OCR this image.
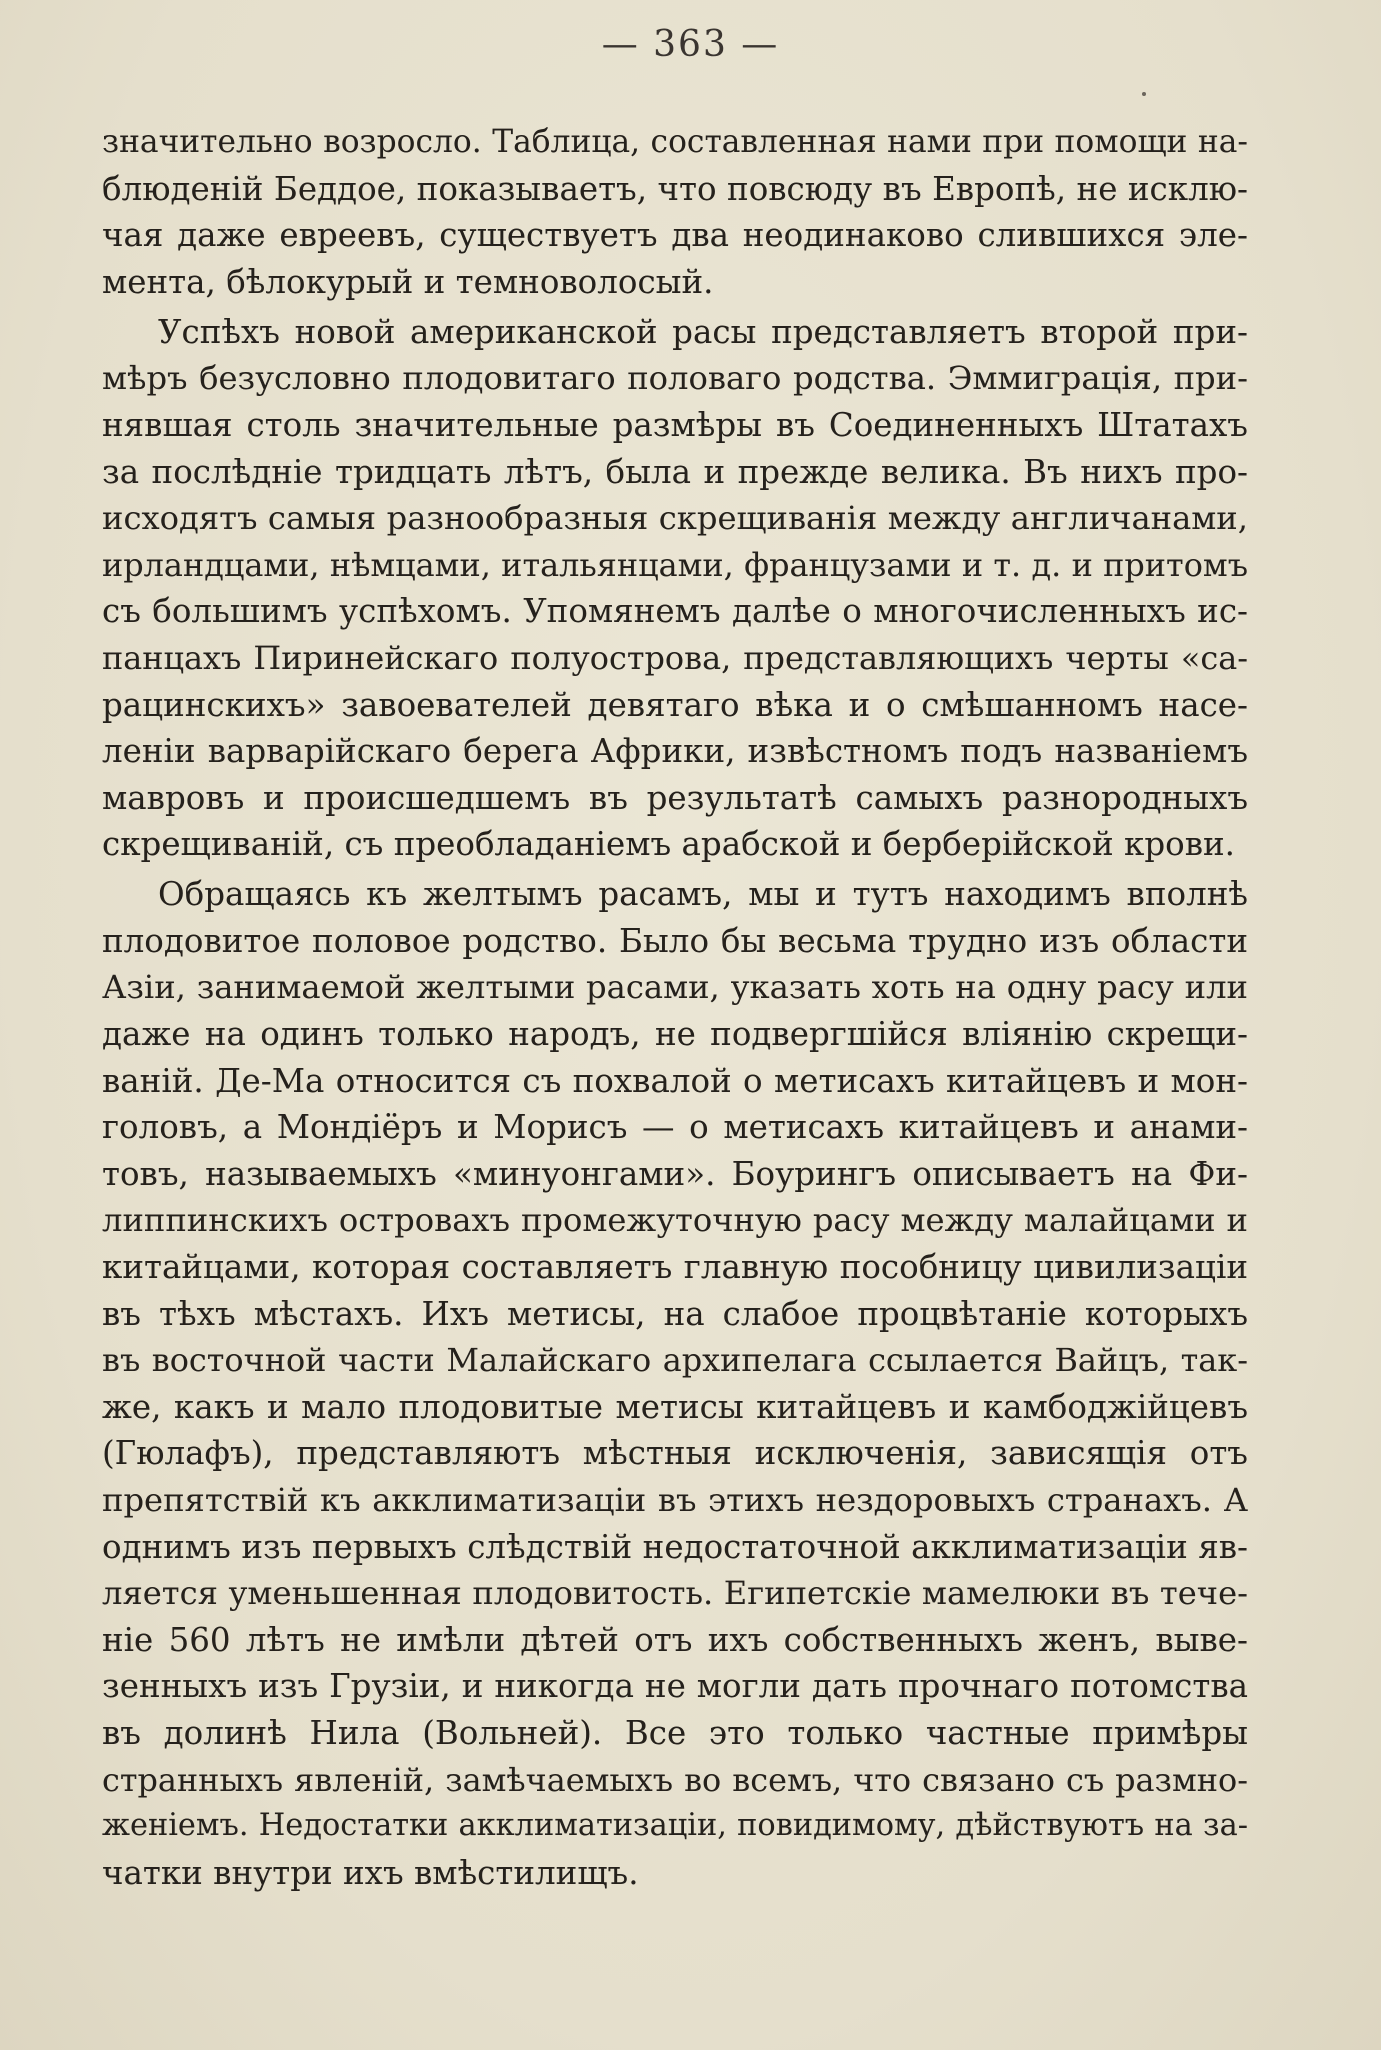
— 363 —
значительно возросло. Таблица, составленная нами при помощи на-
блюденій Беддое, показываетъ, что повсюду въ Европѣ, не исклю-
чая даже евреевъ, существуетъ два неодинаково слившихся эле-
мента, бѣлокурый и темноволосый.
Успѣхъ новой американской расы представляетъ второй при-
мѣръ безусловно плодовитаго половаго родства. Эммиграція, при-
нявшая столь значительные размѣры въ Соединенныхъ Штатахъ
за послѣдніе тридцать лѣтъ, была и прежде велика. Въ нихъ про-
исходятъ самыя разнообразныя скрещиванія между англичанами,
ирландцами, нѣмцами, итальянцами, французами и т. д. и притомъ
съ большимъ успѣхомъ. Упомянемъ далѣе о многочисленныхъ ис-
панцахъ Пиринейскаго полуострова, представляющихъ черты «са-
рацинскихъ» завоевателей девятаго вѣка и о смѣшанномъ насе-
леніи варварійскаго берега Африки, извѣстномъ подъ названіемъ
мавровъ и происшедшемъ въ результатѣ самыхъ разнородныхъ
скрещиваній, съ преобладаніемъ арабской и берберійской крови.
Обращаясь къ желтымъ расамъ, мы и тутъ находимъ вполнѣ
плодовитое половое родство. Было бы весьма трудно изъ области
Азіи, занимаемой желтыми расами, указать хоть на одну расу или
даже на одинъ только народъ, не подвергшійся вліянію скрещи-
ваній. Де-Ма относится съ похвалой о метисахъ китайцевъ и мон-
головъ, а Мондіёръ и Морисъ — о метисахъ китайцевъ и анами-
товъ, называемыхъ «минуонгами». Боурингъ описываетъ на Фи-
липпинскихъ островахъ промежуточную расу между малайцами и
китайцами, которая составляетъ главную пособницу цивилизаціи
въ тѣхъ мѣстахъ. Ихъ метисы, на слабое процвѣтаніе которыхъ
въ восточной части Малайскаго архипелага ссылается Вайцъ, так-
же, какъ и мало плодовитые метисы китайцевъ и камбоджійцевъ
(Гюлафъ), представляютъ мѣстныя исключенія, зависящія отъ
препятствій къ акклиматизаціи въ этихъ нездоровыхъ странахъ. А
однимъ изъ первыхъ слѣдствій недостаточной акклиматизаціи яв-
ляется уменьшенная плодовитость. Египетскіе мамелюки въ тече-
ніе 560 лѣтъ не имѣли дѣтей отъ ихъ собственныхъ женъ, выве-
зенныхъ изъ Грузіи, и никогда не могли дать прочнаго потомства
въ долинѣ Нила (Вольней). Все это только частные примѣры
странныхъ явленій, замѣчаемыхъ во всемъ, что связано съ размно-
женіемъ. Недостатки акклиматизаціи, повидимому, дѣйствуютъ на за-
чатки внутри ихъ вмѣстилищъ.
